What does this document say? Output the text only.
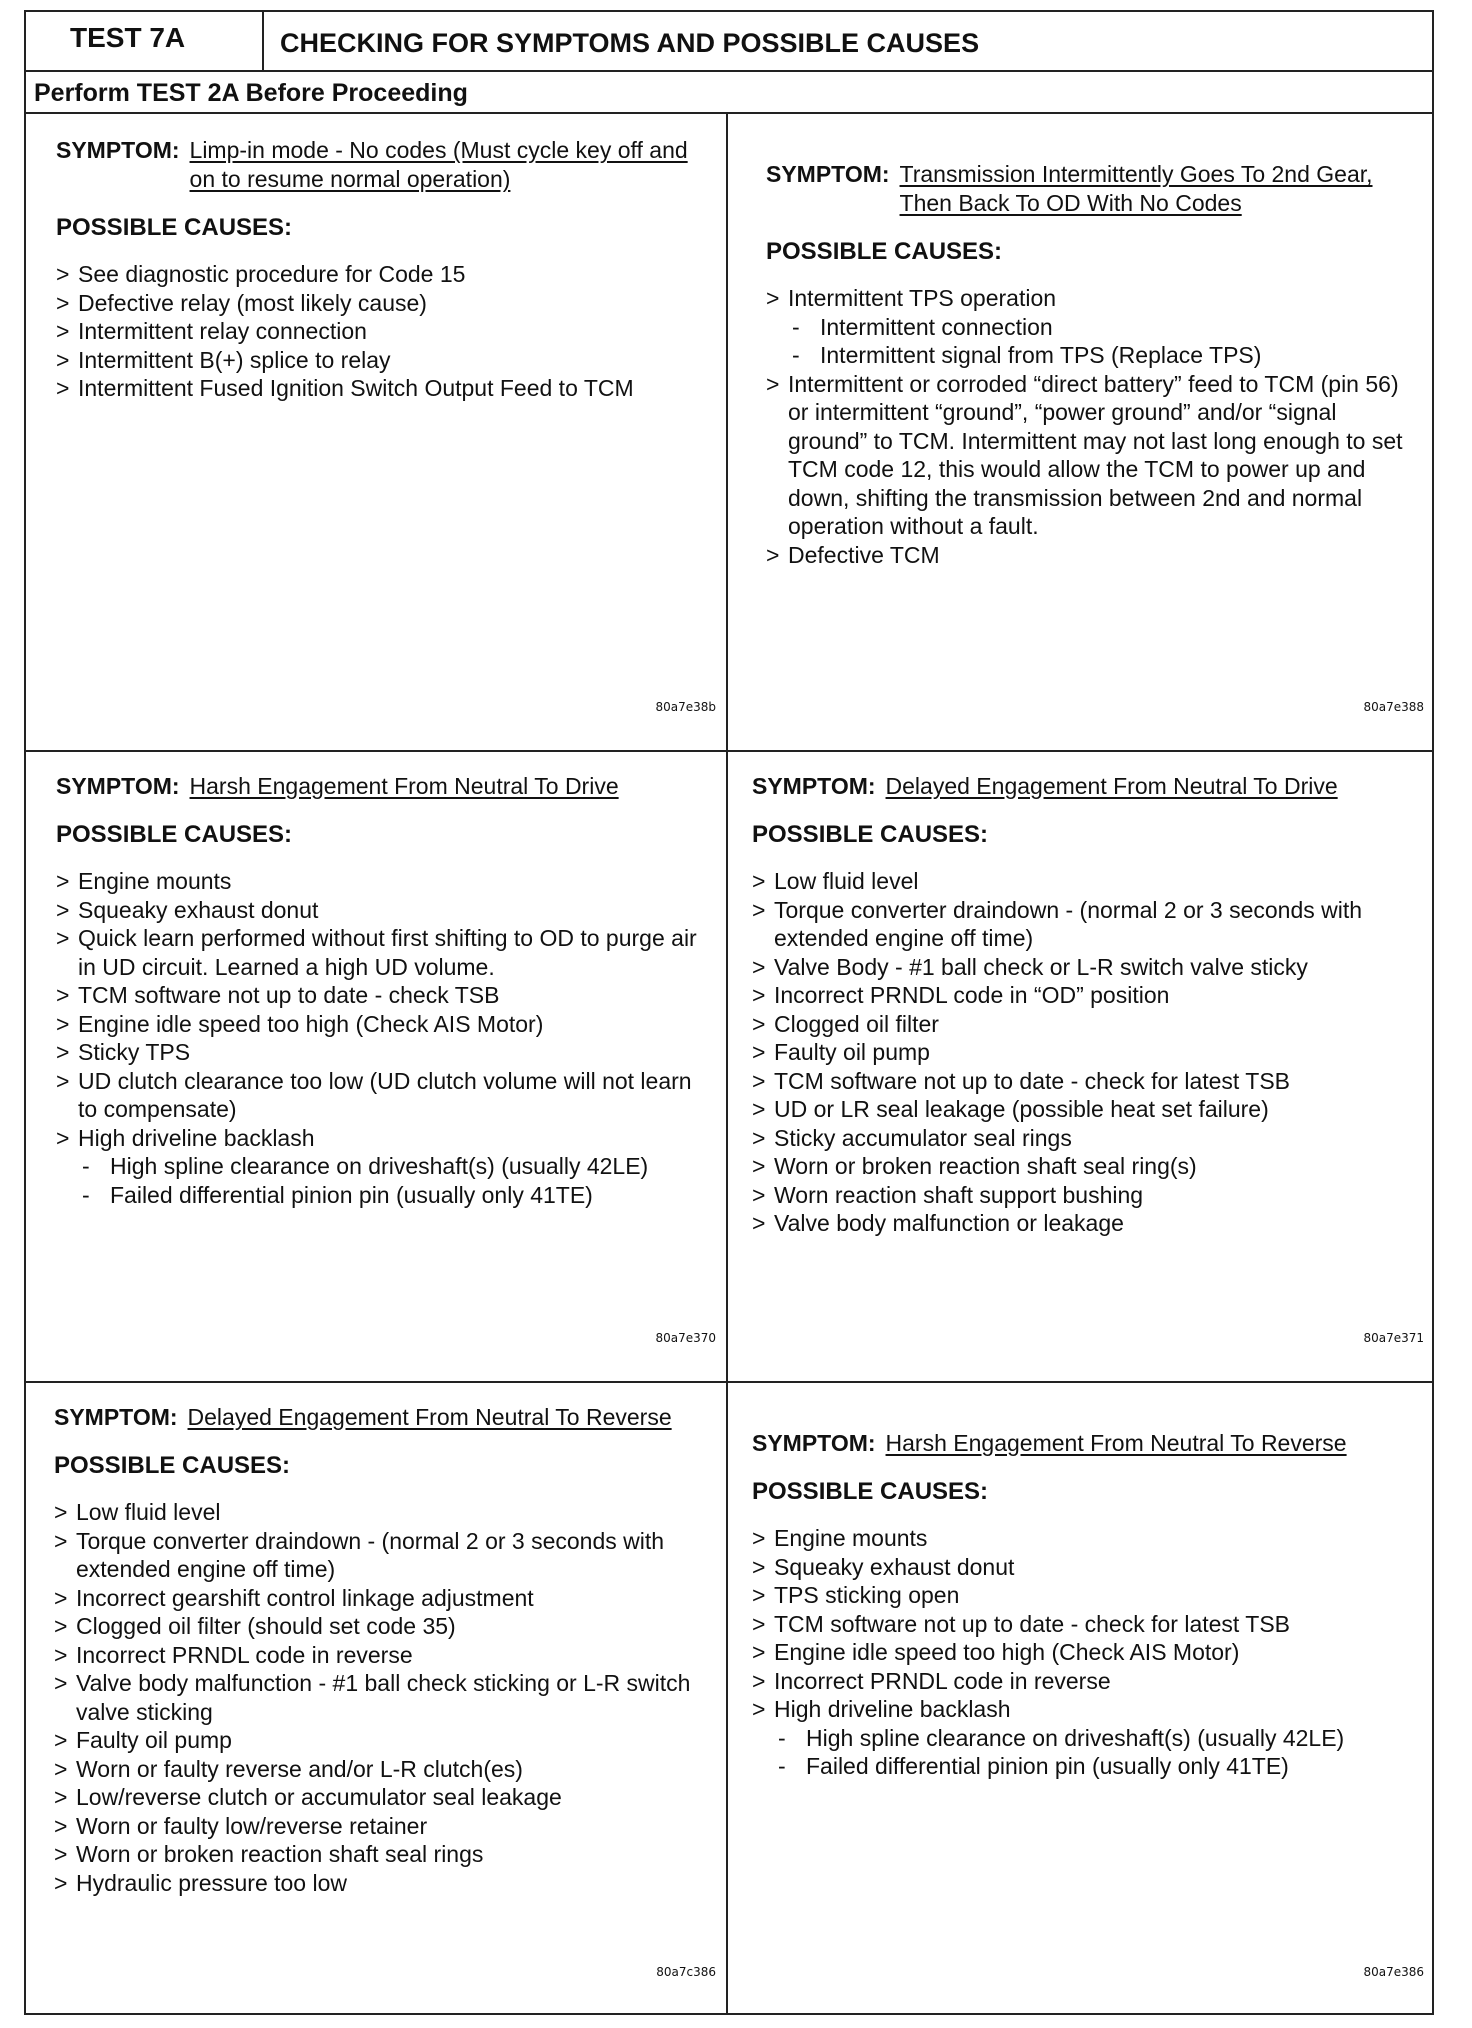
TEST 7A	CHECKING FOR SYMPTOMS AND POSSIBLE CAUSES
Perform TEST 2A Before Proceeding
SYMPTOM: Limp-in mode - No codes (Must cycle key off and on to resume normal operation)
POSSIBLE CAUSES:
> See diagnostic procedure for Code 15
> Defective relay (most likely cause)
> Intermittent relay connection
> Intermittent B(+) splice to relay
> Intermittent Fused Ignition Switch Output Feed to TCM
80a7e38b
SYMPTOM: Transmission Intermittently Goes To 2nd Gear, Then Back To OD With No Codes
POSSIBLE CAUSES:
> Intermittent TPS operation
- Intermittent connection
- Intermittent signal from TPS (Replace TPS)
> Intermittent or corroded “direct battery” feed to TCM (pin 56) or intermittent “ground”, “power ground” and/or “signal ground” to TCM. Intermittent may not last long enough to set TCM code 12, this would allow the TCM to power up and down, shifting the transmission between 2nd and normal operation without a fault.
> Defective TCM
80a7e388
SYMPTOM: Harsh Engagement From Neutral To Drive
POSSIBLE CAUSES:
> Engine mounts
> Squeaky exhaust donut
> Quick learn performed without first shifting to OD to purge air in UD circuit. Learned a high UD volume.
> TCM software not up to date - check TSB
> Engine idle speed too high (Check AIS Motor)
> Sticky TPS
> UD clutch clearance too low (UD clutch volume will not learn to compensate)
> High driveline backlash
- High spline clearance on driveshaft(s) (usually 42LE)
- Failed differential pinion pin (usually only 41TE)
80a7e370
SYMPTOM: Delayed Engagement From Neutral To Drive
POSSIBLE CAUSES:
> Low fluid level
> Torque converter draindown - (normal 2 or 3 seconds with extended engine off time)
> Valve Body - #1 ball check or L-R switch valve sticky
> Incorrect PRNDL code in “OD” position
> Clogged oil filter
> Faulty oil pump
> TCM software not up to date - check for latest TSB
> UD or LR seal leakage (possible heat set failure)
> Sticky accumulator seal rings
> Worn or broken reaction shaft seal ring(s)
> Worn reaction shaft support bushing
> Valve body malfunction or leakage
80a7e371
SYMPTOM: Delayed Engagement From Neutral To Reverse
POSSIBLE CAUSES:
> Low fluid level
> Torque converter draindown - (normal 2 or 3 seconds with extended engine off time)
> Incorrect gearshift control linkage adjustment
> Clogged oil filter (should set code 35)
> Incorrect PRNDL code in reverse
> Valve body malfunction - #1 ball check sticking or L-R switch valve sticking
> Faulty oil pump
> Worn or faulty reverse and/or L-R clutch(es)
> Low/reverse clutch or accumulator seal leakage
> Worn or faulty low/reverse retainer
> Worn or broken reaction shaft seal rings
> Hydraulic pressure too low
80a7c386
SYMPTOM: Harsh Engagement From Neutral To Reverse
POSSIBLE CAUSES:
> Engine mounts
> Squeaky exhaust donut
> TPS sticking open
> TCM software not up to date - check for latest TSB
> Engine idle speed too high (Check AIS Motor)
> Incorrect PRNDL code in reverse
> High driveline backlash
- High spline clearance on driveshaft(s) (usually 42LE)
- Failed differential pinion pin (usually only 41TE)
80a7e386
